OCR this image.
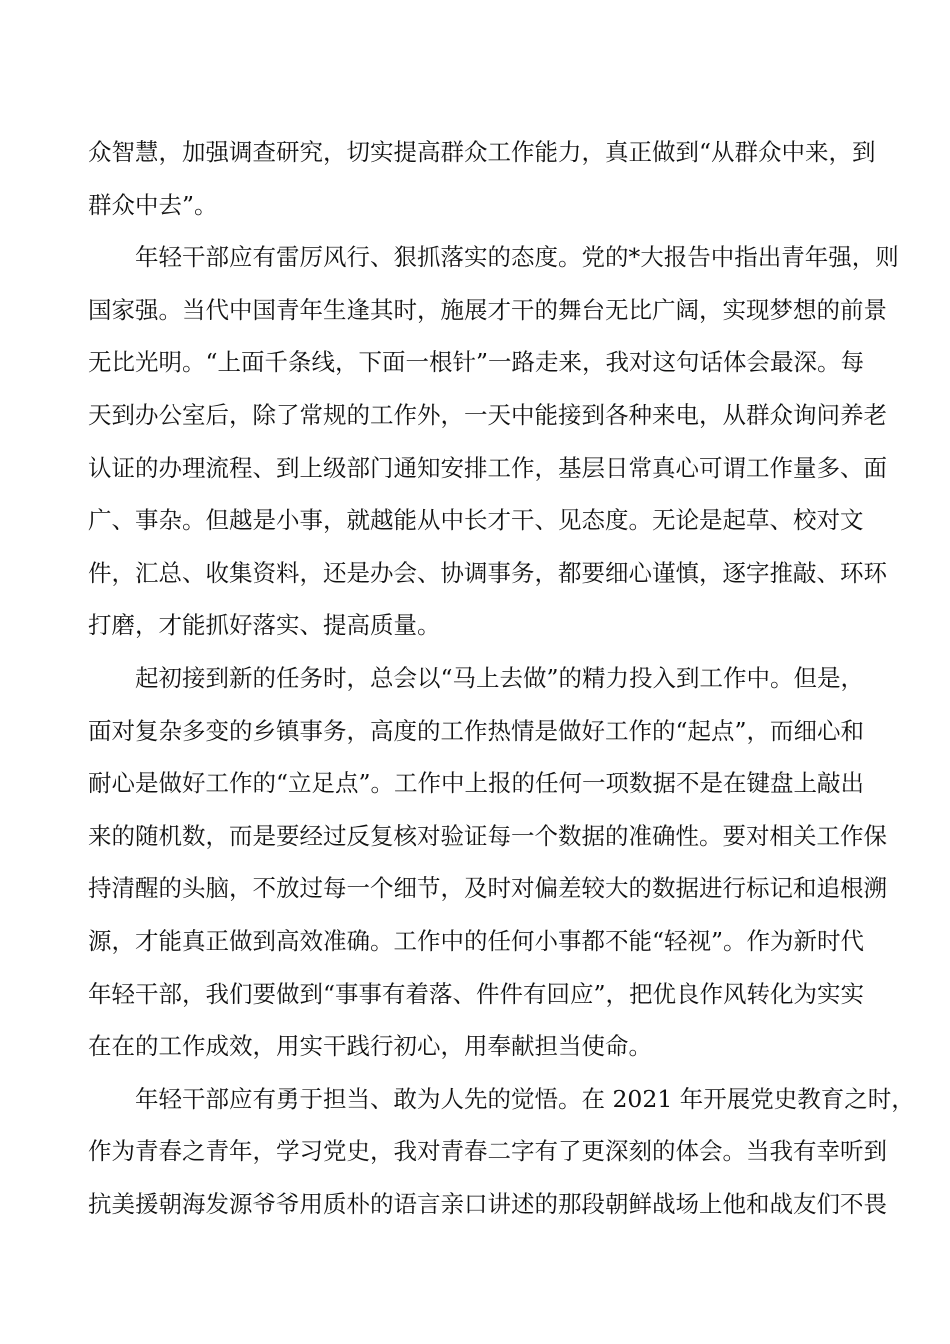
众智慧，加强调查研究，切实提高群众工作能力，真正做到“从群众中来，到
群众中去”。
年轻干部应有雷厉风行、狠抓落实的态度。党的*大报告中指出青年强，则
国家强。当代中国青年生逢其时，施展才干的舞台无比广阔，实现梦想的前景
无比光明。“上面千条线，下面一根针”一路走来，我对这句话体会最深。每
天到办公室后，除了常规的工作外，一天中能接到各种来电，从群众询问养老
认证的办理流程、到上级部门通知安排工作，基层日常真心可谓工作量多、面
广、事杂。但越是小事，就越能从中长才干、见态度。无论是起草、校对文
件，汇总、收集资料，还是办会、协调事务，都要细心谨慎，逐字推敲、环环
打磨，才能抓好落实、提高质量。
起初接到新的任务时，总会以“马上去做”的精力投入到工作中。但是，
面对复杂多变的乡镇事务，高度的工作热情是做好工作的“起点”，而细心和
耐心是做好工作的“立足点”。工作中上报的任何一项数据不是在键盘上敲出
来的随机数，而是要经过反复核对验证每一个数据的准确性。要对相关工作保
持清醒的头脑，不放过每一个细节，及时对偏差较大的数据进行标记和追根溯
源，才能真正做到高效准确。工作中的任何小事都不能“轻视”。作为新时代
年轻干部，我们要做到“事事有着落、件件有回应”，把优良作风转化为实实
在在的工作成效，用实干践行初心，用奉献担当使命。
年轻干部应有勇于担当、敢为人先的觉悟。在 2021 年开展党史教育之时，
作为青春之青年，学习党史，我对青春二字有了更深刻的体会。当我有幸听到
抗美援朝海发源爷爷用质朴的语言亲口讲述的那段朝鲜战场上他和战友们不畏
